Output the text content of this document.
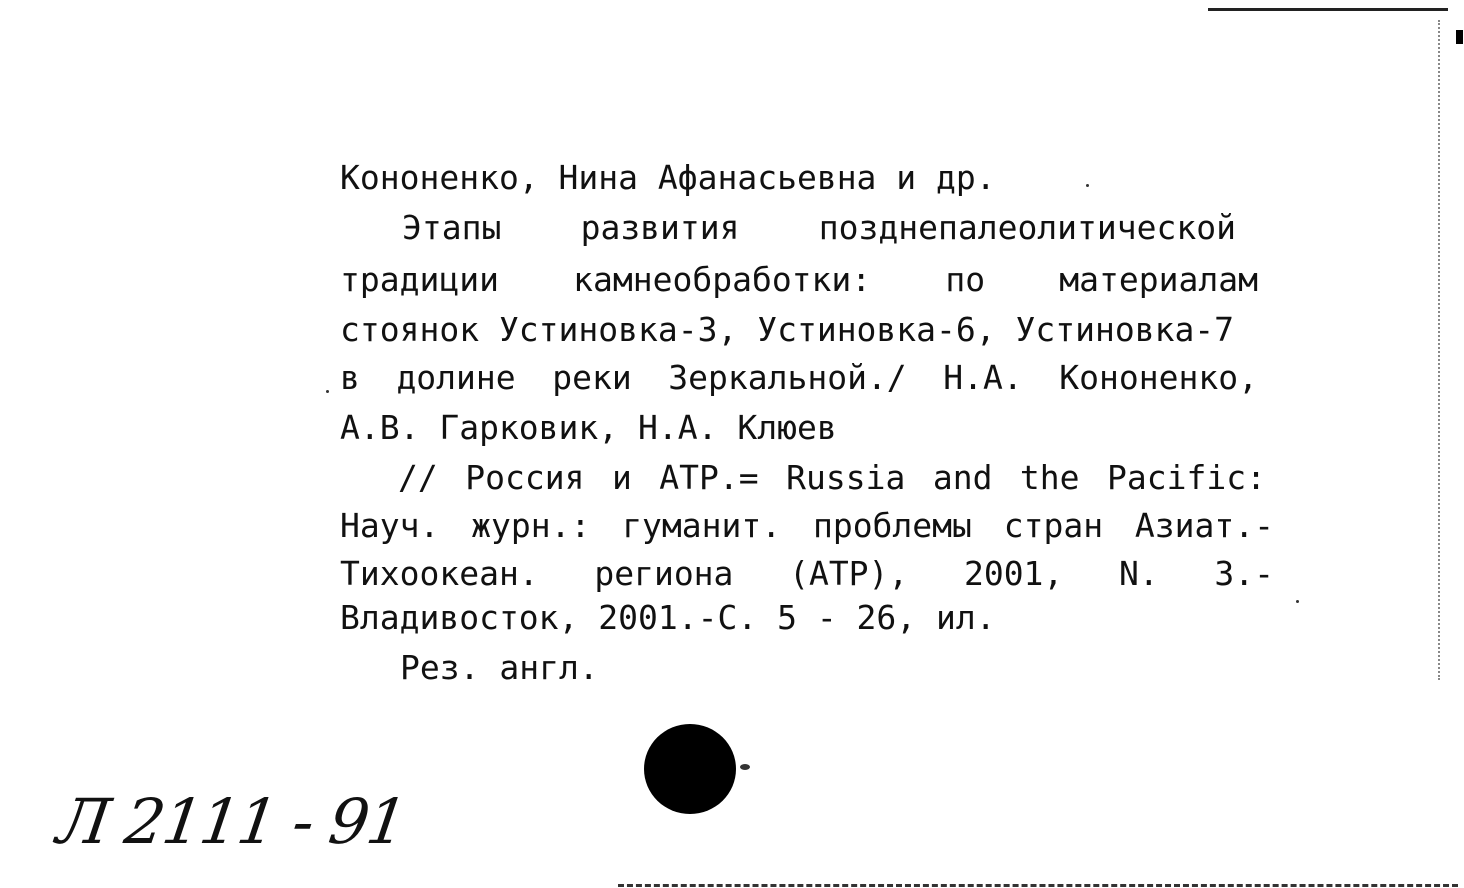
Кононенко, Нина Афанасьевна и др.
Этапы развития позднепалеолитической
традиции камнеобработки: по материалам
стоянок Устиновка-3, Устиновка-6, Устиновка-7
в долине реки Зеркальной./ Н.А. Кононенко,
А.В. Гарковик, Н.А. Клюев
// Россия и АТР.= Russia and the Pacific:
Науч. журн.: гуманит. проблемы стран Азиат.-
Тихоокеан. региона (АТР), 2001, N. 3.-
Владивосток, 2001.-С. 5 - 26, ил.
Рез. англ.
Л 2111 - 91
